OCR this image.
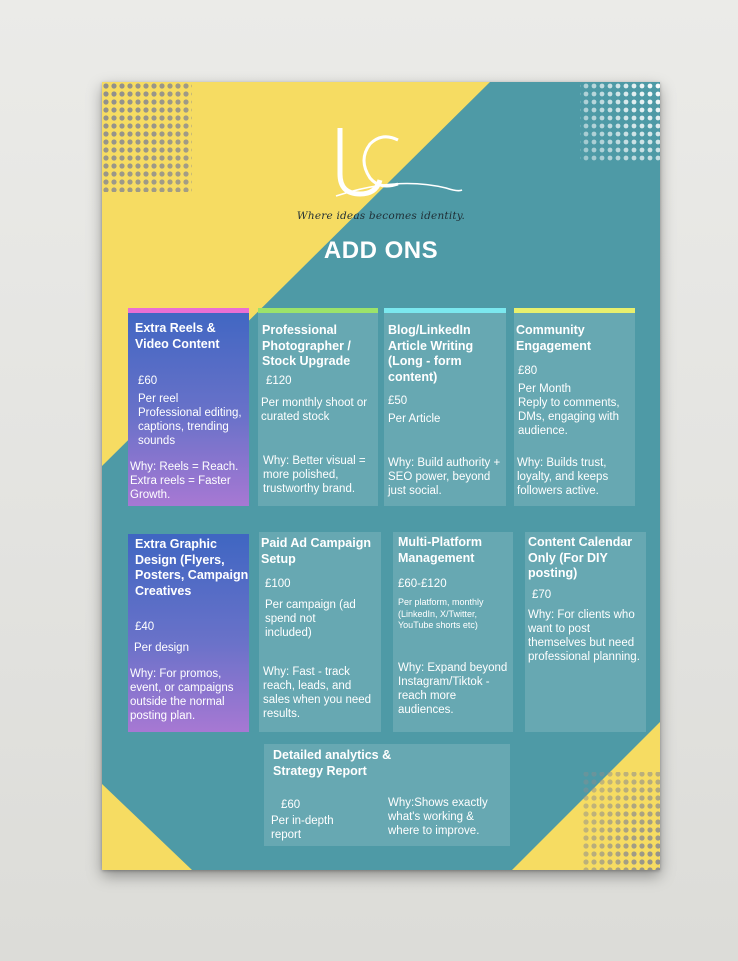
Where ideas becomes identity.
ADD ONS
Extra Reels & Video Content
£60
Per reel
Professional editing, captions, trending sounds
Why: Reels = Reach. Extra reels = Faster Growth.
Professional Photographer / Stock Upgrade
£120
Per monthly shoot or curated stock
Why: Better visual = more polished, trustworthy brand.
Blog/LinkedIn Article Writing (Long - form content)
£50
Per Article
Why: Build authority + SEO power, beyond just social.
Community Engagement
£80
Per Month
Reply to comments, DMs, engaging with audience.
Why: Builds trust, loyalty, and keeps followers active.
Extra Graphic Design (Flyers, Posters, Campaign Creatives
£40
Per design
Why: For promos, event, or campaigns outside the normal posting plan.
Paid Ad Campaign Setup
£100
Per campaign (ad spend not included)
Why: Fast - track reach, leads, and sales when you need results.
Multi-Platform Management
£60-£120
Per platform, monthly (LinkedIn, X/Twitter, YouTube shorts etc)
Why: Expand beyond Instagram/Tiktok - reach more audiences.
Content Calendar Only (For DIY posting)
£70
Why: For clients who want to post themselves but need professional planning.
Detailed analytics & Strategy Report
£60
Per in-depth report
Why:Shows exactly what's working & where to improve.
